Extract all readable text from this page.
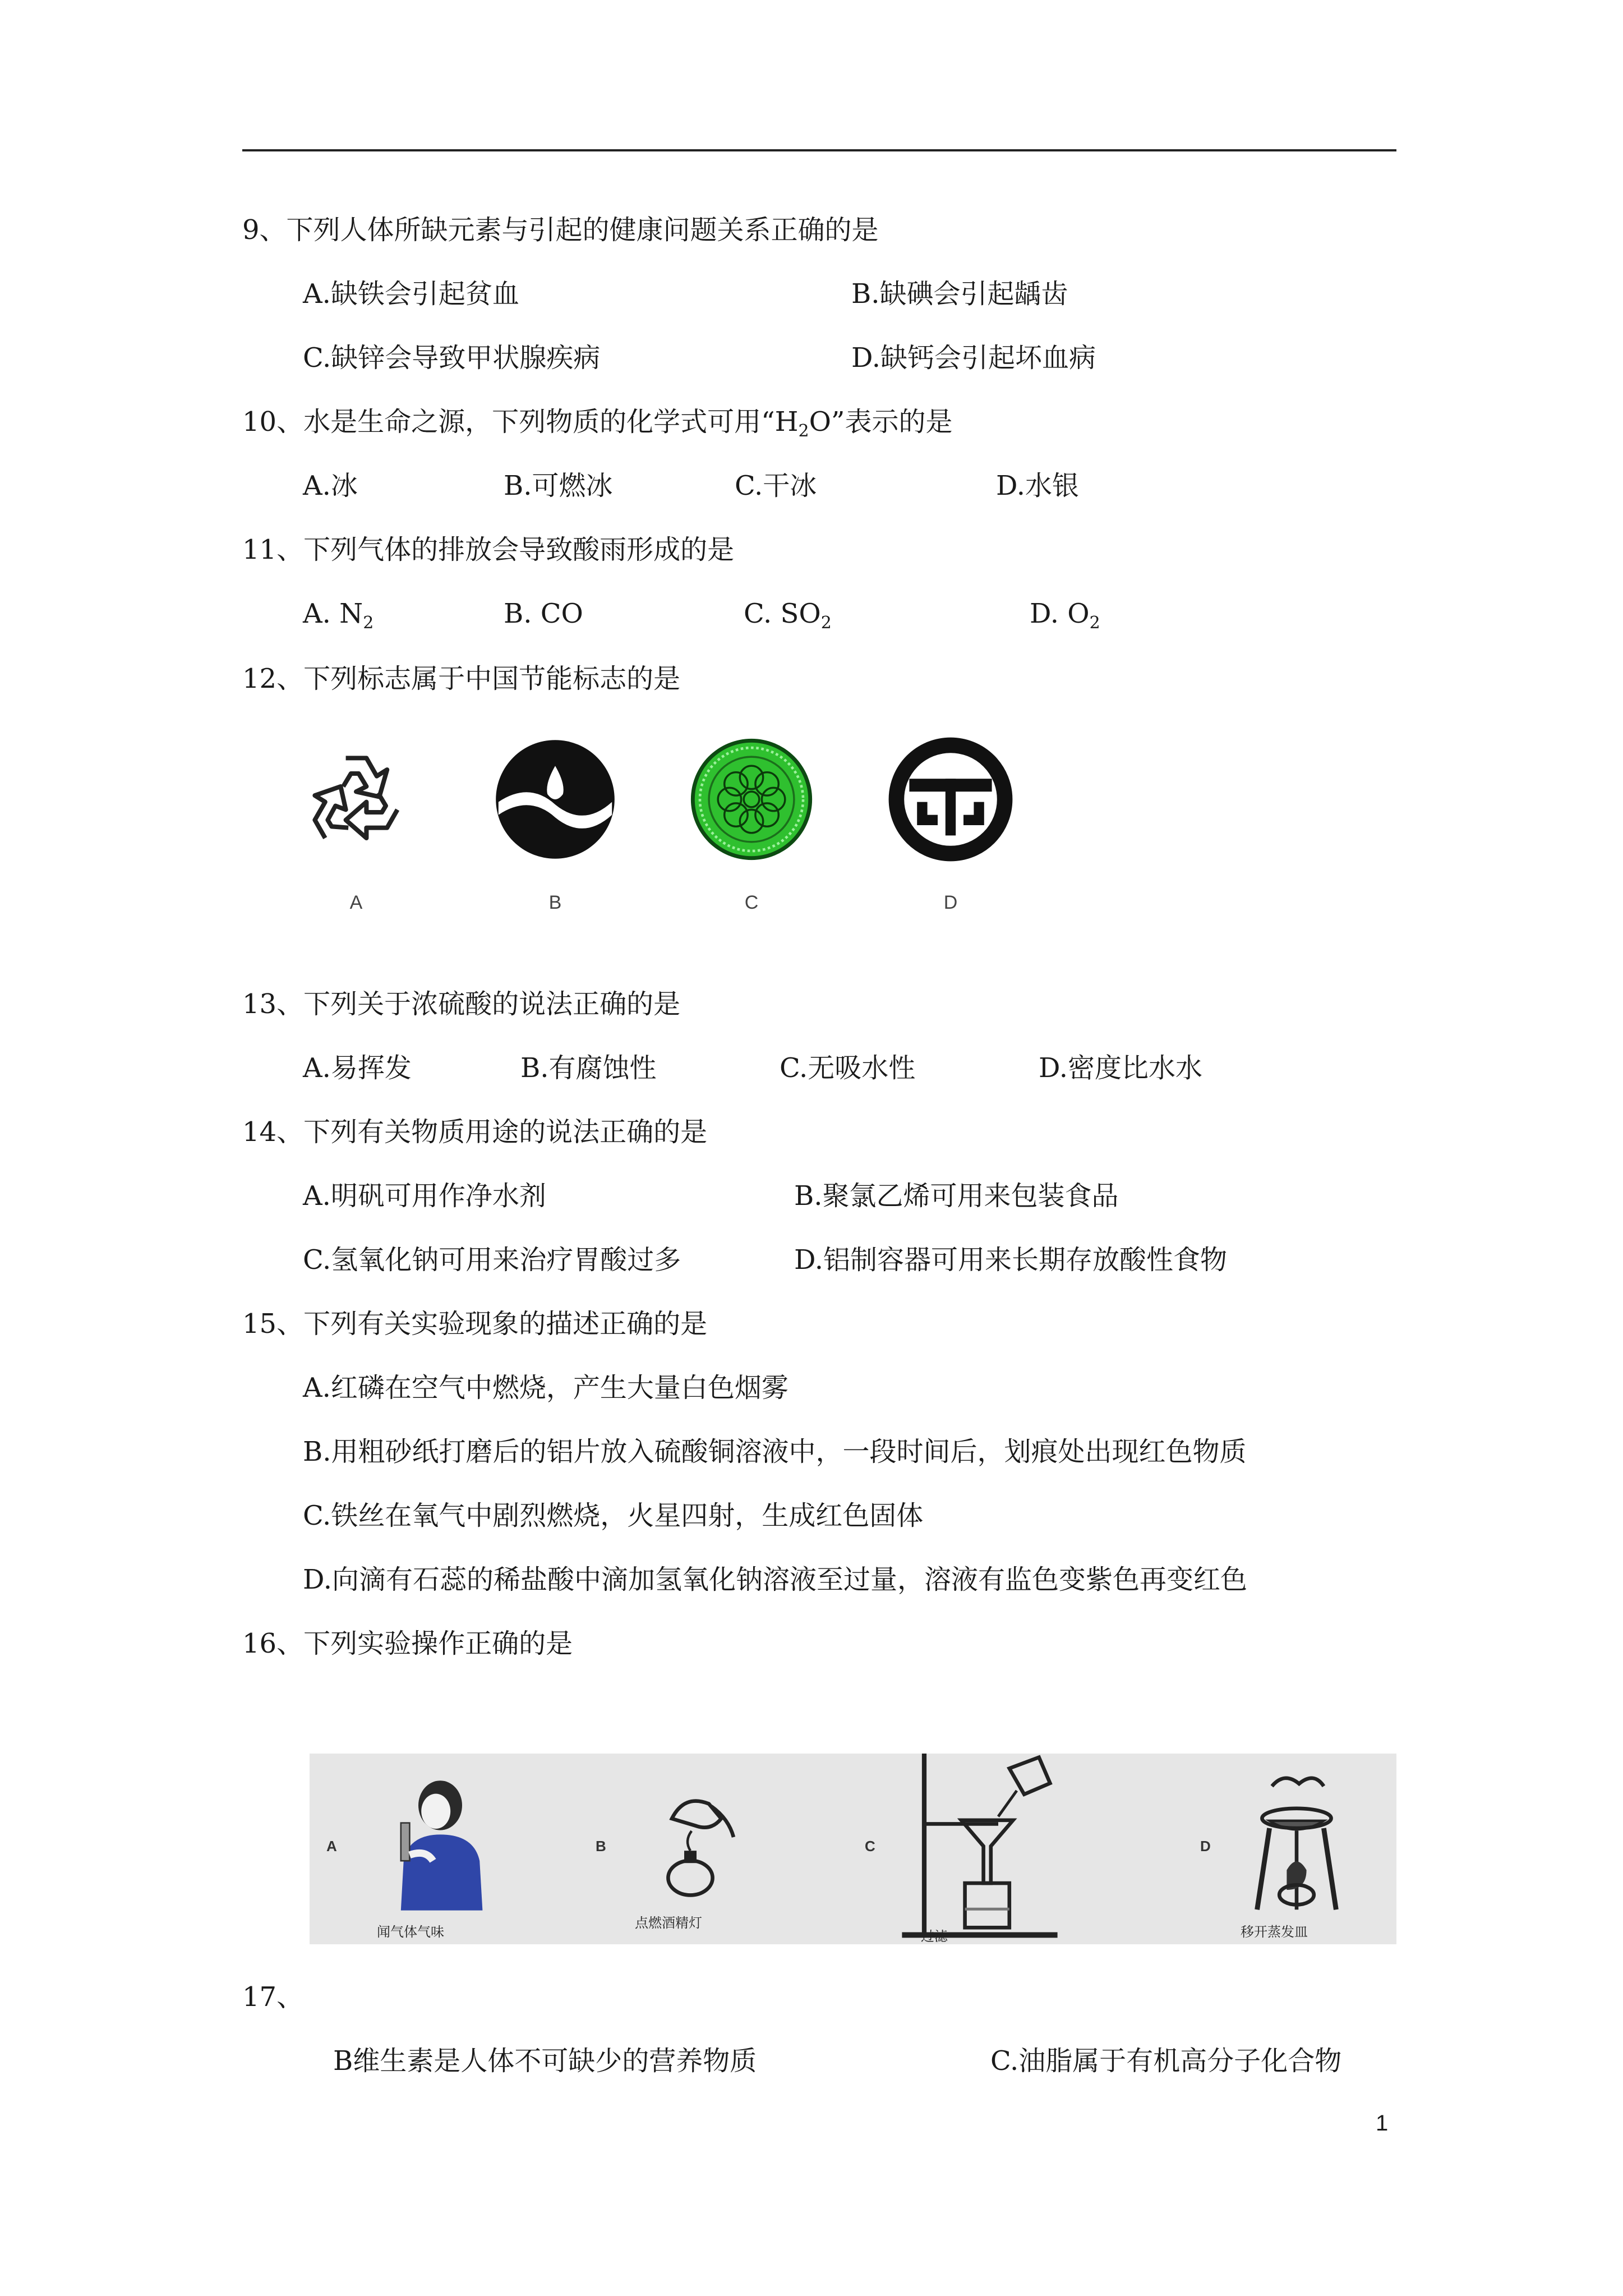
9、下列人体所缺元素与引起的健康问题关系正确的是
A.缺铁会引起贫血	B.缺碘会引起龋齿
C.缺锌会导致甲状腺疾病	D.缺钙会引起坏血病
10、水是生命之源，下列物质的化学式可用“$H_2O$”表示的是
A.冰	B.可燃冰	C.干冰	D.水银
11、下列气体的排放会导致酸雨形成的是
A. $N_2$	B. CO	C. $SO_2$	D. $O_2$
12、下列标志属于中国节能标志的是
A	B	C	D
13、下列关于浓硫酸的说法正确的是
A.易挥发	B.有腐蚀性	C.无吸水性	D.密度比水水
14、下列有关物质用途的说法正确的是
A.明矾可用作净水剂	B.聚氯乙烯可用来包装食品
C.氢氧化钠可用来治疗胃酸过多	D.铝制容器可用来长期存放酸性食物
15、下列有关实验现象的描述正确的是
A.红磷在空气中燃烧，产生大量白色烟雾
B.用粗砂纸打磨后的铝片放入硫酸铜溶液中，一段时间后，划痕处出现红色物质
C.铁丝在氧气中剧烈燃烧，火星四射，生成红色固体
D.向滴有石蕊的稀盐酸中滴加氢氧化钠溶液至过量，溶液有监色变紫色再变红色
16、下列实验操作正确的是
A
闻气体气味
B
点燃酒精灯
C
过滤
D
移开蒸发皿
17、
B维生素是人体不可缺少的营养物质	C.油脂属于有机高分子化合物
1
